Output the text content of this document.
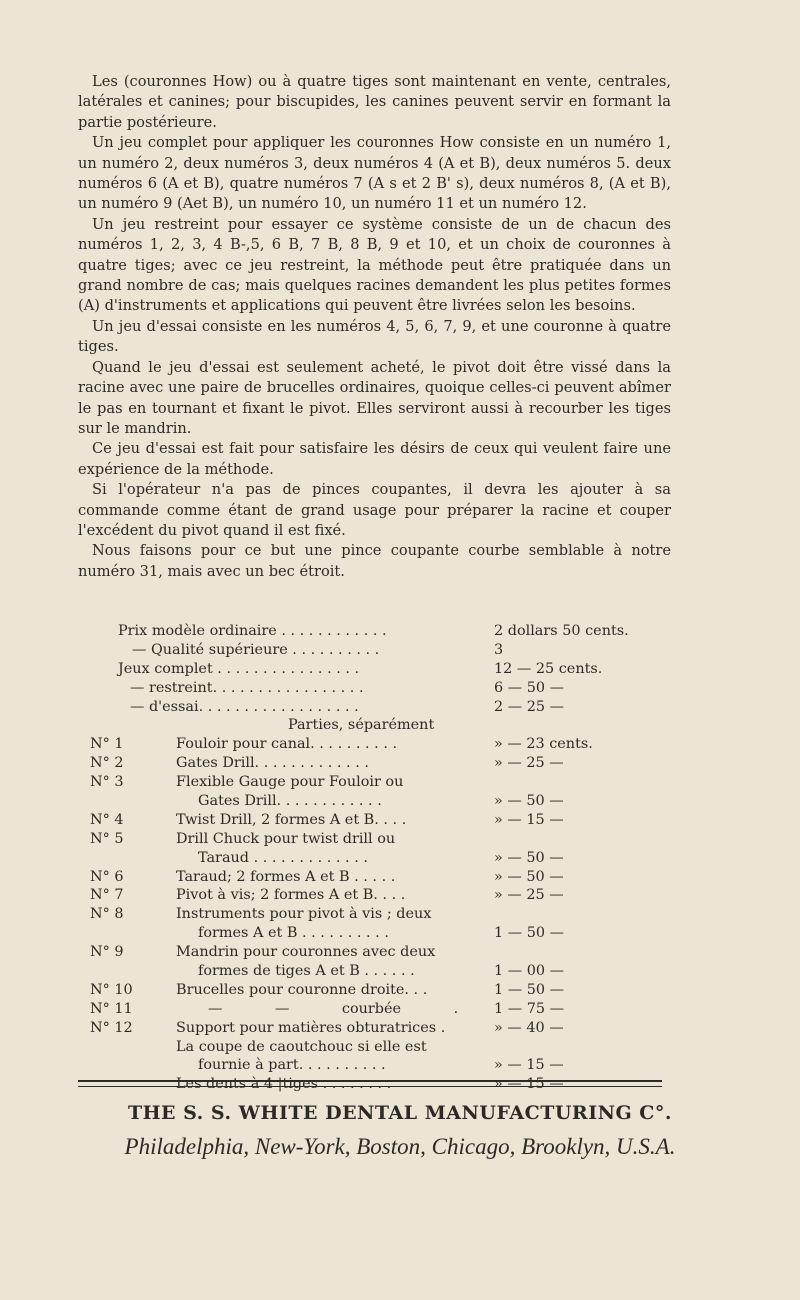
Les (couronnes How) ou à quatre tiges sont maintenant en vente, centrales, latérales et canines; pour biscupides, les canines peuvent servir en formant la partie postérieure.

Un jeu complet pour appliquer les couronnes How consiste en un numéro 1, un numéro 2, deux numéros 3, deux numéros 4 (A et B), deux numéros 5. deux numéros 6 (A et B), quatre numéros 7 (A s et 2 B' s), deux numéros 8, (A et B), un numéro 9 (Aet B), un numéro 10, un numéro 11 et un numéro 12.

Un jeu restreint pour essayer ce système consiste de un de chacun des numéros 1, 2, 3, 4 B-,5, 6 B, 7 B, 8 B, 9 et 10, et un choix de couronnes à quatre tiges; avec ce jeu restreint, la méthode peut être pratiquée dans un grand nombre de cas; mais quelques racines demandent les plus petites formes (A) d'instruments et applications qui peuvent être livrées selon les besoins.

Un jeu d'essai consiste en les numéros 4, 5, 6, 7, 9, et une couronne à quatre tiges.

Quand le jeu d'essai est seulement acheté, le pivot doit être vissé dans la racine avec une paire de brucelles ordinaires, quoique celles-ci peuvent abîmer le pas en tournant et fixant le pivot. Elles serviront aussi à recourber les tiges sur le mandrin.

Ce jeu d'essai est fait pour satisfaire les désirs de ceux qui veulent faire une expérience de la méthode.

Si l'opérateur n'a pas de pinces coupantes, il devra les ajouter à sa commande comme étant de grand usage pour préparer la racine et couper l'excédent du pivot quand il est fixé.

Nous faisons pour ce but une pince coupante courbe semblable à notre numéro 31, mais avec un bec étroit.

Prix modèle ordinaire . . . . . . . . . . . .	2 dollars 50 cents.
— Qualité supérieure . . . . . . . . . .	3
Jeux complet . . . . . . . . . . . . . . . .	12 — 25 cents.
— restreint. . . . . . . . . . . . . . . . .	6 — 50 —
— d'essai. . . . . . . . . . . . . . . . . .	2 — 25 —
Parties, séparément
N° 1	Fouloir pour canal. . . . . . . . . .	» — 23 cents.
N° 2	Gates Drill. . . . . . . . . . . . .	» — 25 —
N° 3	Flexible Gauge pour Fouloir ou
Gates Drill. . . . . . . . . . . .	» — 50 —
N° 4	Twist Drill, 2 formes A et B. . . .	» — 15 —
N° 5	Drill Chuck pour twist drill ou
Taraud . . . . . . . . . . . . .	» — 50 —
N° 6	Taraud; 2 formes A et B . . . . .	» — 50 —
N° 7	Pivot à vis; 2 formes A et B. . . .	» — 25 —
N° 8	Instruments pour pivot à vis ; deux
formes A et B . . . . . . . . . .	1 — 50 —
N° 9	Mandrin pour couronnes avec deux
formes de tiges A et B . . . . . .	1 — 00 —
N° 10	Brucelles pour couronne droite. . .	1 — 50 —
N° 11	— — courbée . 1 — 75 —
N° 12	Support pour matières obturatrices .	» — 40 —
La coupe de caoutchouc si elle est
fournie à part. . . . . . . . . .	» — 15 —
Les dents à 4 |tiges . . . . . . . .	» — 15 —
THE S. S. WHITE DENTAL MANUFACTURING C°.
Philadelphia, New-York, Boston, Chicago, Brooklyn, U.S.A.
